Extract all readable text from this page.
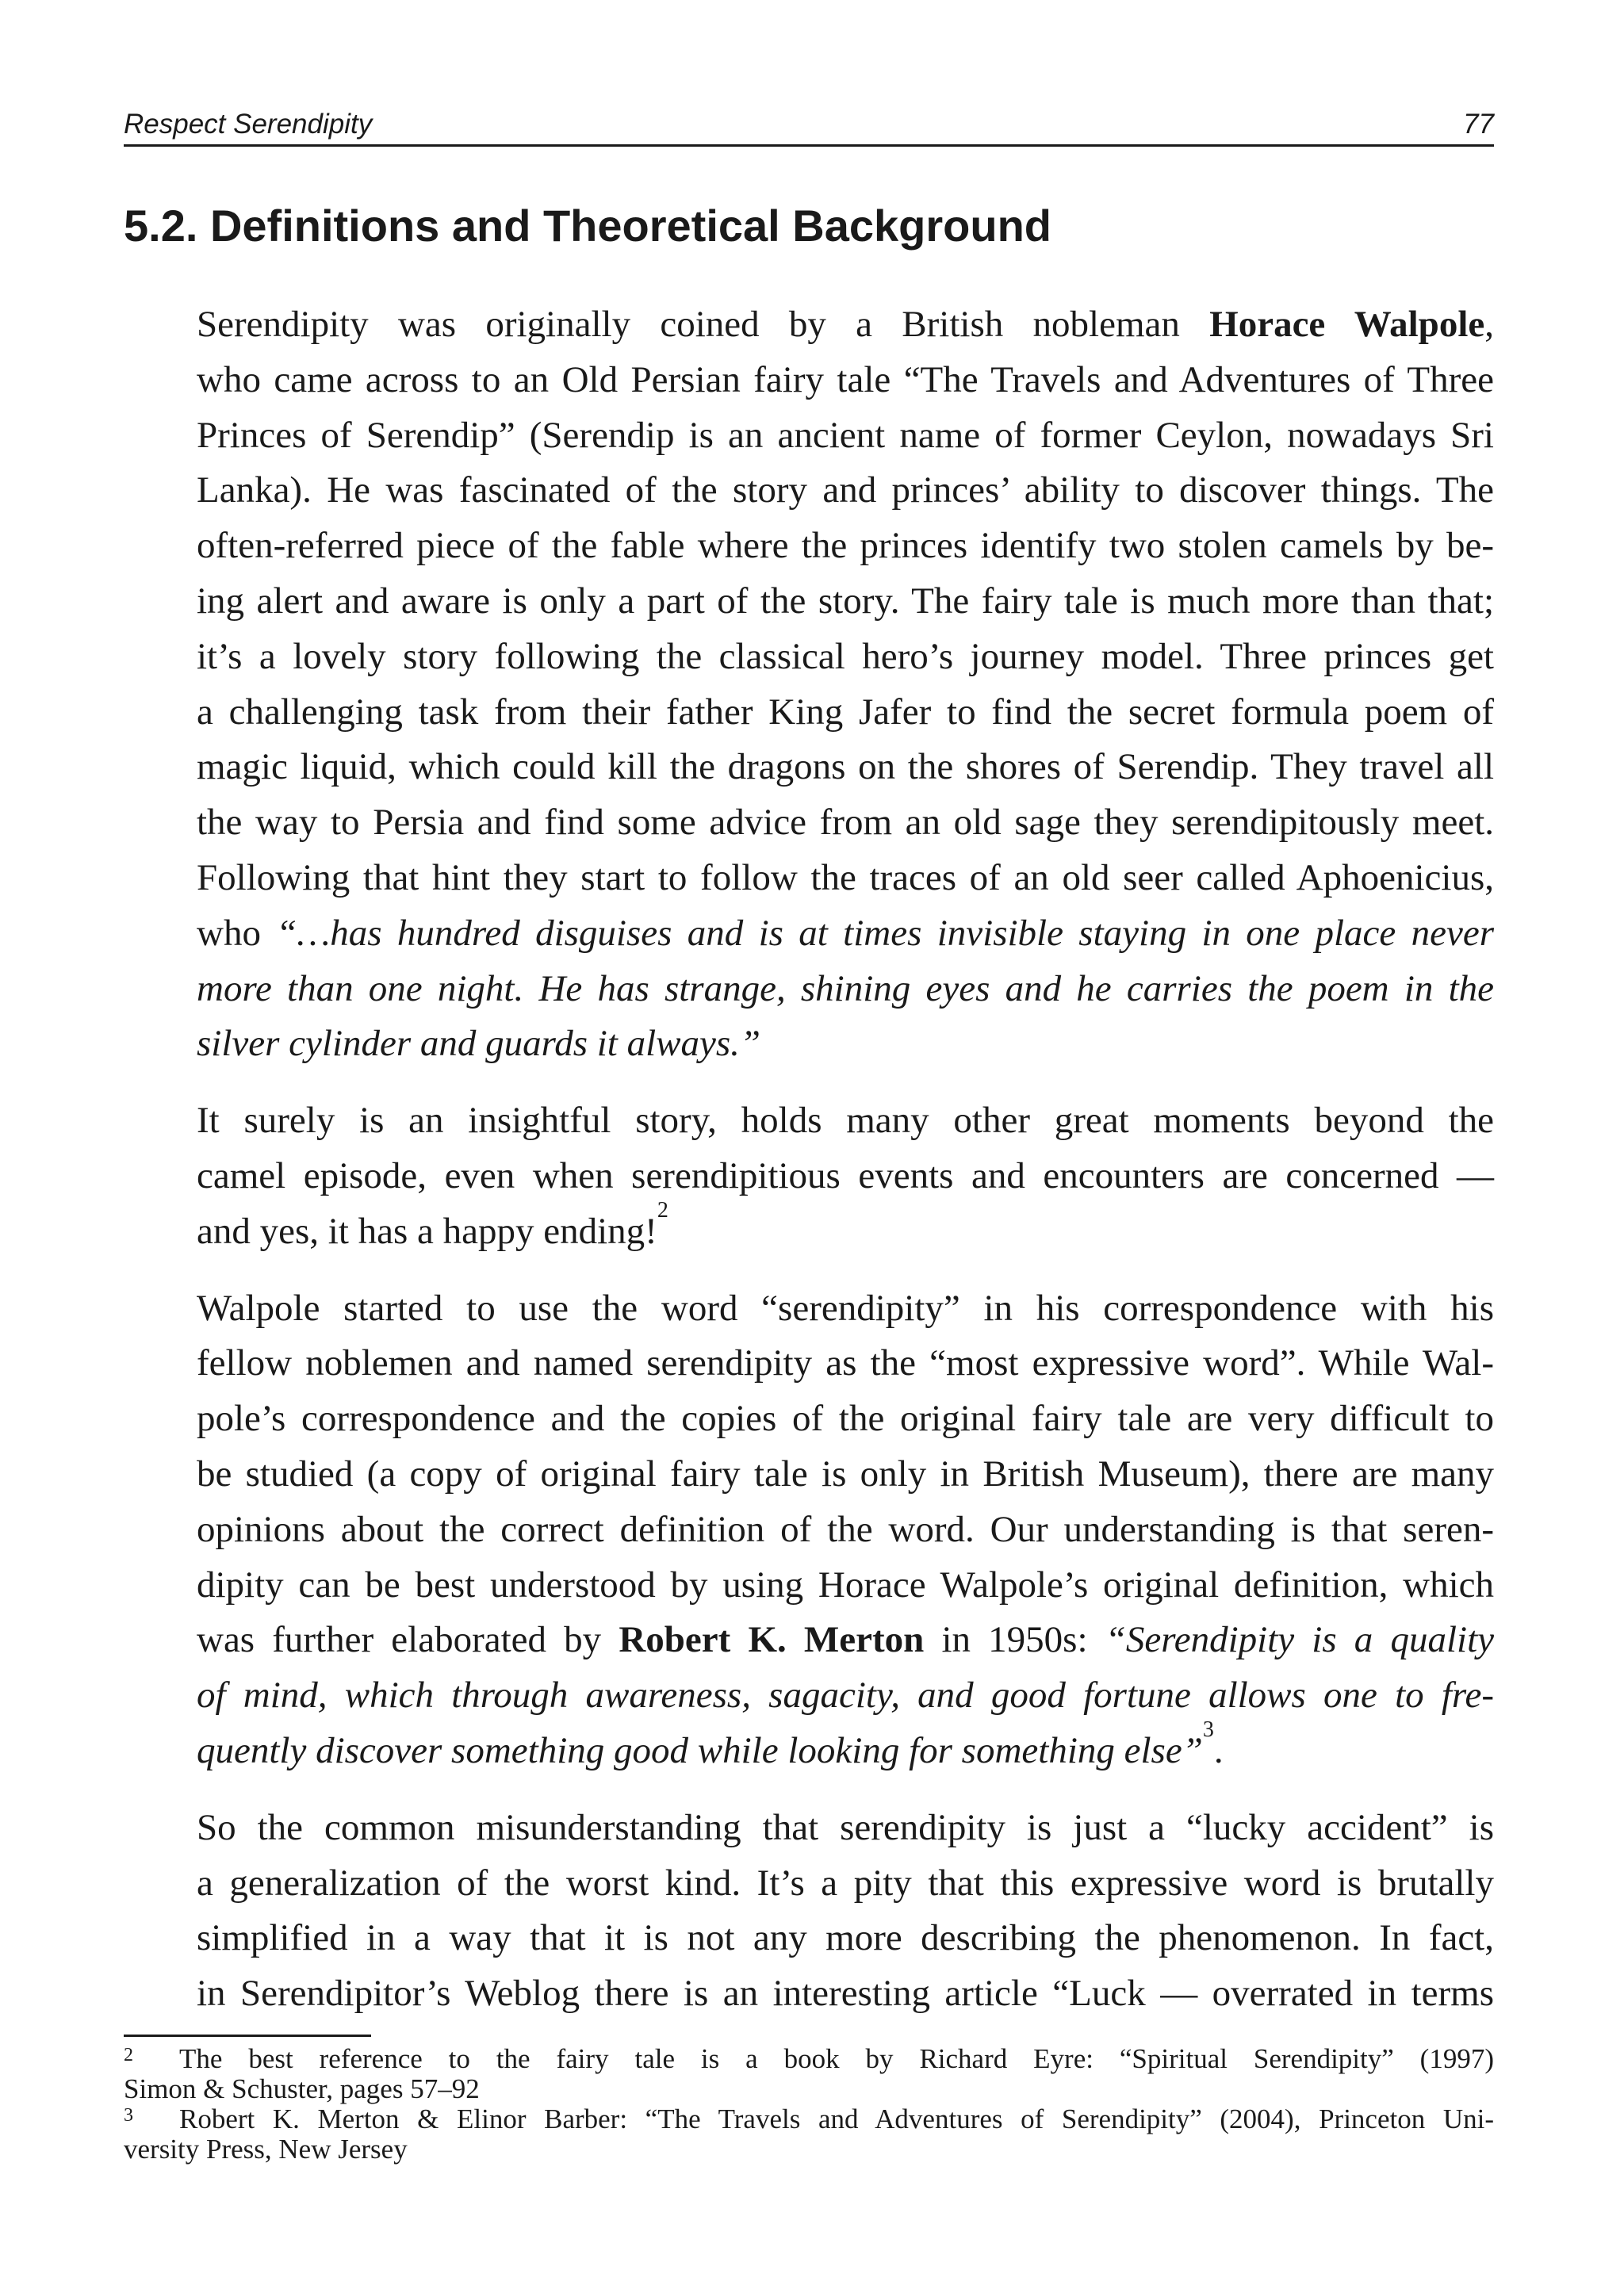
Respect Serendipity	77
5.2. Definitions and Theoretical Background

Serendipity was originally coined by a British nobleman Horace Walpole,
who came across to an Old Persian fairy tale “The Travels and Adventures of Three
Princes of Serendip” (Serendip is an ancient name of former Ceylon, nowadays Sri
Lanka). He was fascinated of the story and princes’ ability to discover things. The
often-referred piece of the fable where the princes identify two stolen camels by be-
ing alert and aware is only a part of the story. The fairy tale is much more than that;
it’s a lovely story following the classical hero’s journey model. Three princes get
a challenging task from their father King Jafer to find the secret formula poem of
magic liquid, which could kill the dragons on the shores of Serendip. They travel all
the way to Persia and find some advice from an old sage they serendipitously meet.
Following that hint they start to follow the traces of an old seer called Aphoenicius,
who “…has hundred disguises and is at times invisible staying in one place never
more than one night. He has strange, shining eyes and he carries the poem in the
silver cylinder and guards it always.”

It surely is an insightful story, holds many other great moments beyond the
camel episode, even when serendipitious events and encounters are concerned —
and yes, it has a happy ending!$^2$

Walpole started to use the word “serendipity” in his correspondence with his
fellow noblemen and named serendipity as the “most expressive word”. While Wal-
pole’s correspondence and the copies of the original fairy tale are very difficult to
be studied (a copy of original fairy tale is only in British Museum), there are many
opinions about the correct definition of the word. Our understanding is that seren-
dipity can be best understood by using Horace Walpole’s original definition, which
was further elaborated by Robert K. Merton in 1950s: “Serendipity is a quality
of mind, which through awareness, sagacity, and good fortune allows one to fre-
quently discover something good while looking for something else”$^3$.

So the common misunderstanding that serendipity is just a “lucky accident” is
a generalization of the worst kind. It’s a pity that this expressive word is brutally
simplified in a way that it is not any more describing the phenomenon. In fact,
in Serendipitor’s Weblog there is an interesting article “Luck — overrated in terms

2 The best reference to the fairy tale is a book by Richard Eyre: “Spiritual Serendipity” (1997)
Simon & Schuster, pages 57–92

3 Robert K. Merton & Elinor Barber: “The Travels and Adventures of Serendipity” (2004), Princeton Uni-
versity Press, New Jersey
